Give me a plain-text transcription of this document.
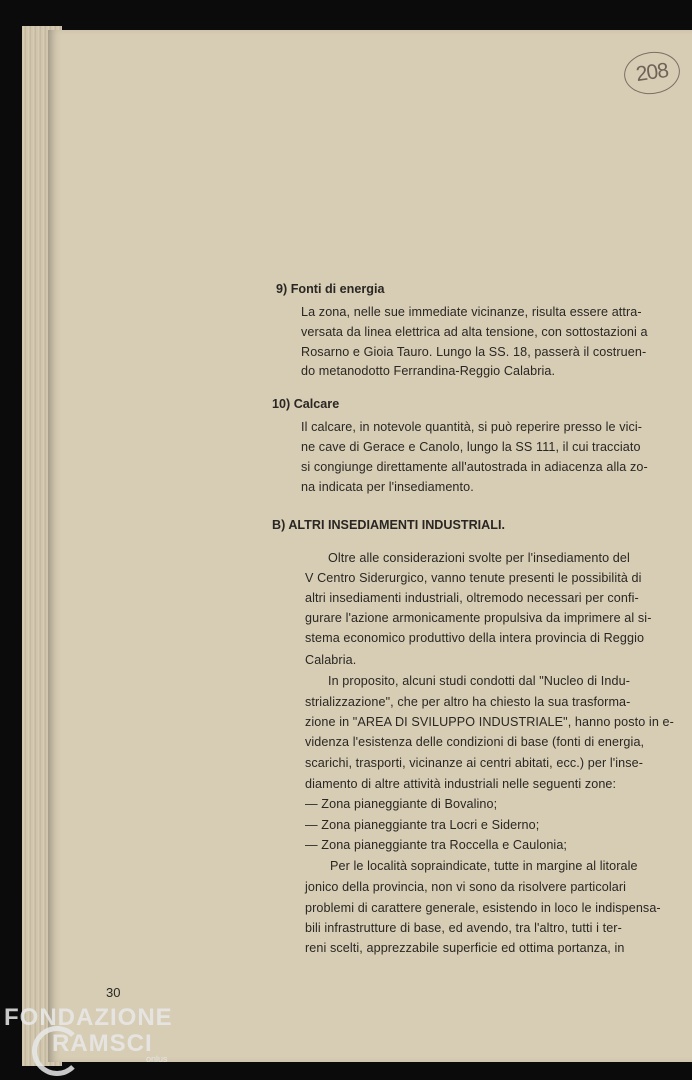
208
9) Fonti di energia
La zona, nelle sue immediate vicinanze, risulta essere attra-
versata da linea elettrica ad alta tensione, con sottostazioni a
Rosarno e Gioia Tauro. Lungo la SS. 18, passerà il costruen-
do metanodotto Ferrandina-Reggio Calabria.
10) Calcare
Il calcare, in notevole quantità, si può reperire presso le vici-
ne cave di Gerace e Canolo, lungo la SS 111, il cui tracciato
si congiunge direttamente all'autostrada in adiacenza alla zo-
na indicata per l'insediamento.
B) ALTRI INSEDIAMENTI INDUSTRIALI.
Oltre alle considerazioni svolte per l'insediamento del
V Centro Siderurgico, vanno tenute presenti le possibilità di
altri insediamenti industriali, oltremodo necessari per confi-
gurare l'azione armonicamente propulsiva da imprimere al si-
stema economico produttivo della intera provincia di Reggio
Calabria.
In proposito, alcuni studi condotti dal "Nucleo di Indu-
strializzazione", che per altro ha chiesto la sua trasforma-
zione in "AREA DI SVILUPPO INDUSTRIALE", hanno posto in e-
videnza l'esistenza delle condizioni di base (fonti di energia,
scarichi, trasporti, vicinanze ai centri abitati, ecc.) per l'inse-
diamento di altre attività industriali nelle seguenti zone:
— Zona pianeggiante di Bovalino;
— Zona pianeggiante tra Locri e Siderno;
— Zona pianeggiante tra Roccella e Caulonia;
Per le località sopraindicate, tutte in margine al litorale
jonico della provincia, non vi sono da risolvere particolari
problemi di carattere generale, esistendo in loco le indispensa-
bili infrastrutture di base, ed avendo, tra l'altro, tutti i ter-
reni scelti, apprezzabile superficie ed ottima portanza, in
30
FONDAZIONE
RAMSCI
onlus
